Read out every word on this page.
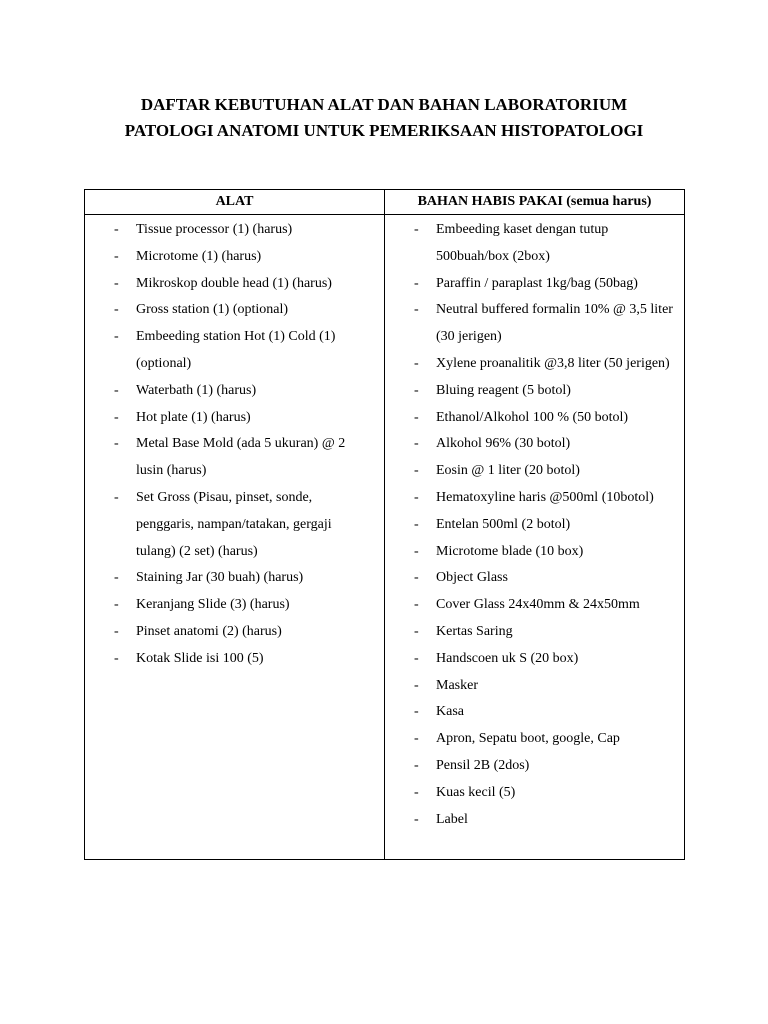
DAFTAR KEBUTUHAN ALAT DAN BAHAN LABORATORIUM
PATOLOGI ANATOMI UNTUK PEMERIKSAAN HISTOPATOLOGI
ALAT	BAHAN HABIS PAKAI (semua harus)
- Tissue processor (1) (harus)
- Microtome (1) (harus)
- Mikroskop double head (1) (harus)
- Gross station (1) (optional)
- Embeeding station Hot (1) Cold (1) (optional)
- Waterbath (1) (harus)
- Hot plate (1) (harus)
- Metal Base Mold (ada 5 ukuran) @ 2 lusin (harus)
- Set Gross (Pisau, pinset, sonde, penggaris, nampan/tatakan, gergaji tulang) (2 set) (harus)
- Staining Jar (30 buah) (harus)
- Keranjang Slide (3) (harus)
- Pinset anatomi (2) (harus)
- Kotak Slide isi 100 (5)
- Embeeding kaset dengan tutup 500buah/box (2box)
- Paraffin / paraplast 1kg/bag (50bag)
- Neutral buffered formalin 10% @ 3,5 liter (30 jerigen)
- Xylene proanalitik @3,8 liter (50 jerigen)
- Bluing reagent (5 botol)
- Ethanol/Alkohol 100 % (50 botol)
- Alkohol 96% (30 botol)
- Eosin @ 1 liter (20 botol)
- Hematoxyline haris @500ml (10botol)
- Entelan 500ml (2 botol)
- Microtome blade (10 box)
- Object Glass
- Cover Glass 24x40mm & 24x50mm
- Kertas Saring
- Handscoen uk S (20 box)
- Masker
- Kasa
- Apron, Sepatu boot, google, Cap
- Pensil 2B (2dos)
- Kuas kecil (5)
- Label
